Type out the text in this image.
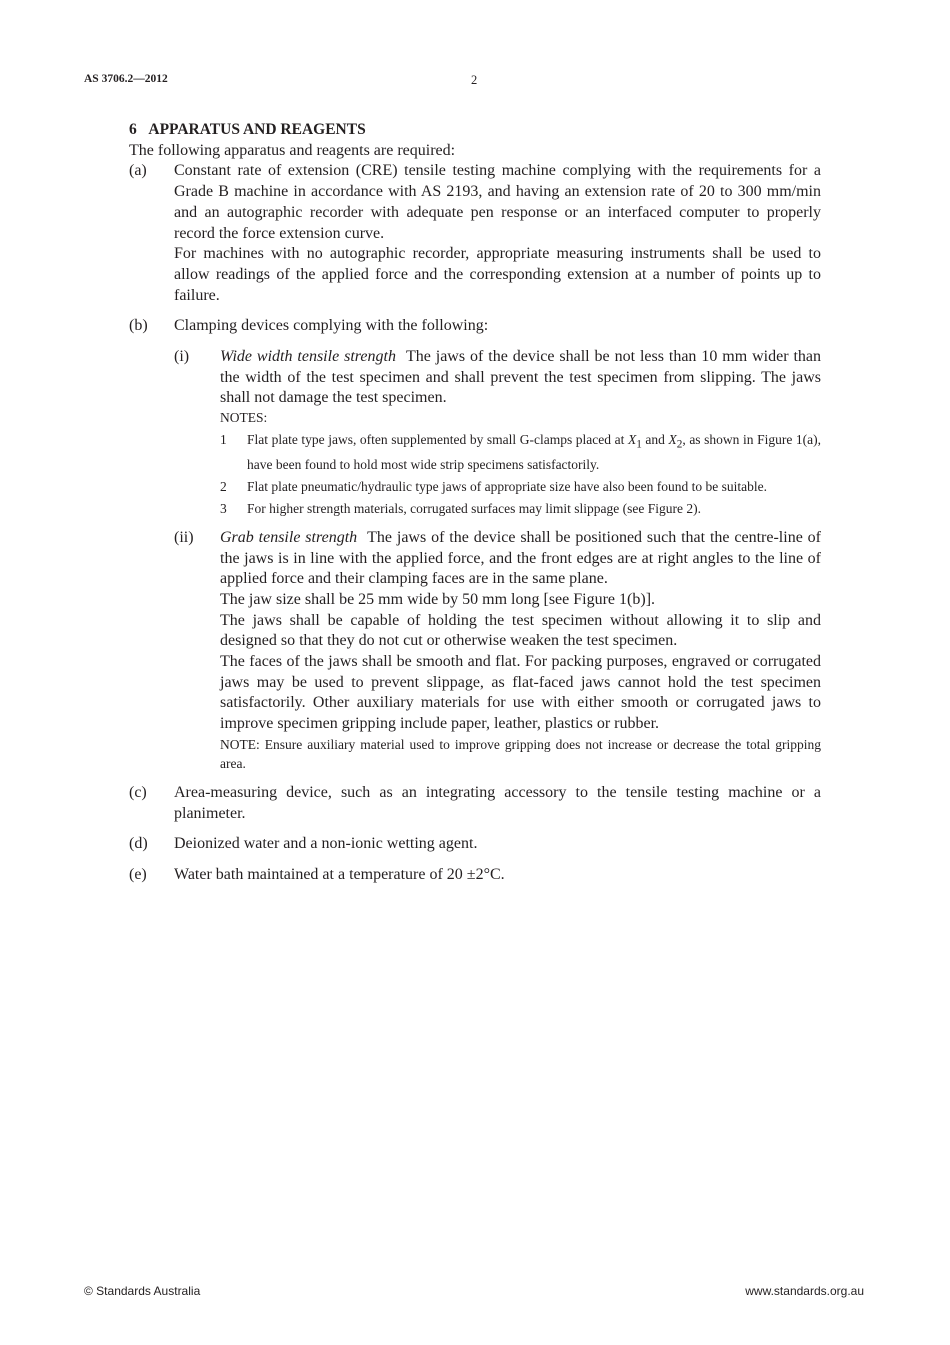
AS 3706.2—2012	2

6 APPARATUS AND REAGENTS

The following apparatus and reagents are required:

(a)	Constant rate of extension (CRE) tensile testing machine complying with the requirements for a Grade B machine in accordance with AS 2193, and having an extension rate of 20 to 300 mm/min and an autographic recorder with adequate pen response or an interfaced computer to properly record the force extension curve.

For machines with no autographic recorder, appropriate measuring instruments shall be used to allow readings of the applied force and the corresponding extension at a number of points up to failure.

(b)	Clamping devices complying with the following:

(i)	Wide width tensile strength The jaws of the device shall be not less than 10 mm wider than the width of the test specimen and shall prevent the test specimen from slipping. The jaws shall not damage the test specimen.

NOTES:

1	Flat plate type jaws, often supplemented by small G-clamps placed at $X_1$ and $X_2$, as shown in Figure 1(a), have been found to hold most wide strip specimens satisfactorily.
2	Flat plate pneumatic/hydraulic type jaws of appropriate size have also been found to be suitable.
3	For higher strength materials, corrugated surfaces may limit slippage (see Figure 2).
(ii)	Grab tensile strength The jaws of the device shall be positioned such that the centre-line of the jaws is in line with the applied force, and the front edges are at right angles to the line of applied force and their clamping faces are in the same plane.

The jaw size shall be 25 mm wide by 50 mm long [see Figure 1(b)].

The jaws shall be capable of holding the test specimen without allowing it to slip and designed so that they do not cut or otherwise weaken the test specimen.

The faces of the jaws shall be smooth and flat. For packing purposes, engraved or corrugated jaws may be used to prevent slippage, as flat-faced jaws cannot hold the test specimen satisfactorily. Other auxiliary materials for use with either smooth or corrugated jaws to improve specimen gripping include paper, leather, plastics or rubber.

NOTE: Ensure auxiliary material used to improve gripping does not increase or decrease the total gripping area.

(c)	Area-measuring device, such as an integrating accessory to the tensile testing machine or a planimeter.
(d)	Deionized water and a non-ionic wetting agent.
(e)	Water bath maintained at a temperature of 20 ±2°C.
© Standards Australia	www.standards.org.au
